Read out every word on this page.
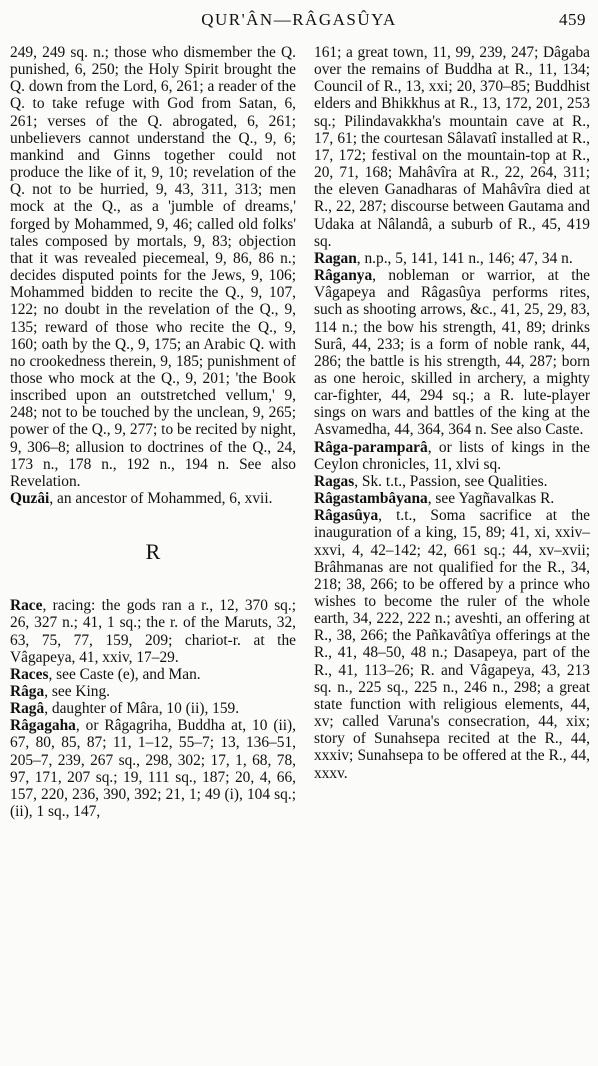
QUR'ÂN—RÂGASÛYA	459

249, 249 sq. n.; those who dismember the Q. punished, 6, 250; the Holy Spirit brought the Q. down from the Lord, 6, 261; a reader of the Q. to take refuge with God from Satan, 6, 261; verses of the Q. abrogated, 6, 261; unbelievers cannot understand the Q., 9, 6; mankind and Ginns together could not produce the like of it, 9, 10; revelation of the Q. not to be hurried, 9, 43, 311, 313; men mock at the Q., as a 'jumble of dreams,' forged by Mohammed, 9, 46; called old folks' tales composed by mortals, 9, 83; objection that it was revealed piecemeal, 9, 86, 86 n.; decides disputed points for the Jews, 9, 106; Mohammed bidden to recite the Q., 9, 107, 122; no doubt in the revelation of the Q., 9, 135; reward of those who recite the Q., 9, 160; oath by the Q., 9, 175; an Arabic Q. with no crookedness therein, 9, 185; punishment of those who mock at the Q., 9, 201; 'the Book inscribed upon an outstretched vellum,' 9, 248; not to be touched by the unclean, 9, 265; power of the Q., 9, 277; to be recited by night, 9, 306–8; allusion to doctrines of the Q., 24, 173 n., 178 n., 192 n., 194 n. See also Revelation.

Quzâi, an ancestor of Mohammed, 6, xvii.

R

Race, racing: the gods ran a r., 12, 370 sq.; 26, 327 n.; 41, 1 sq.; the r. of the Maruts, 32, 63, 75, 77, 159, 209; chariot-r. at the Vâgapeya, 41, xxiv, 17–29.

Races, see Caste (e), and Man.

Râga, see King.

Ragâ, daughter of Mâra, 10 (ii), 159.

Râgagaha, or Râgagriha, Buddha at, 10 (ii), 67, 80, 85, 87; 11, 1–12, 55–7; 13, 136–51, 205–7, 239, 267 sq., 298, 302; 17, 1, 68, 78, 97, 171, 207 sq.; 19, 111 sq., 187; 20, 4, 66, 157, 220, 236, 390, 392; 21, 1; 49 (i), 104 sq.; (ii), 1 sq., 147,

161; a great town, 11, 99, 239, 247; Dâgaba over the remains of Buddha at R., 11, 134; Council of R., 13, xxi; 20, 370–85; Buddhist elders and Bhikkhus at R., 13, 172, 201, 253 sq.; Pilindavakkha's mountain cave at R., 17, 61; the courtesan Sâlavatî installed at R., 17, 172; festival on the mountain-top at R., 20, 71, 168; Mahâvîra at R., 22, 264, 311; the eleven Ganadharas of Mahâvîra died at R., 22, 287; discourse between Gautama and Udaka at Nâlandâ, a suburb of R., 45, 419 sq.

Ragan, n.p., 5, 141, 141 n., 146; 47, 34 n.

Râganya, nobleman or warrior, at the Vâgapeya and Râgasûya performs rites, such as shooting arrows, &c., 41, 25, 29, 83, 114 n.; the bow his strength, 41, 89; drinks Surâ, 44, 233; is a form of noble rank, 44, 286; the battle is his strength, 44, 287; born as one heroic, skilled in archery, a mighty car-fighter, 44, 294 sq.; a R. lute-player sings on wars and battles of the king at the Asvamedha, 44, 364, 364 n. See also Caste.

Râga-paramparâ, or lists of kings in the Ceylon chronicles, 11, xlvi sq.

Ragas, Sk. t.t., Passion, see Qualities.

Râgastambâyana, see Yagñavalkas R.

Râgasûya, t.t., Soma sacrifice at the inauguration of a king, 15, 89; 41, xi, xxiv–xxvi, 4, 42–142; 42, 661 sq.; 44, xv–xvii; Brâhmanas are not qualified for the R., 34, 218; 38, 266; to be offered by a prince who wishes to become the ruler of the whole earth, 34, 222, 222 n.; aveshti, an offering at R., 38, 266; the Pañkavâtîya offerings at the R., 41, 48–50, 48 n.; Dasapeya, part of the R., 41, 113–26; R. and Vâgapeya, 43, 213 sq. n., 225 sq., 225 n., 246 n., 298; a great state function with religious elements, 44, xv; called Varuna's consecration, 44, xix; story of Sunahsepa recited at the R., 44, xxxiv; Sunahsepa to be offered at the R., 44, xxxv.
